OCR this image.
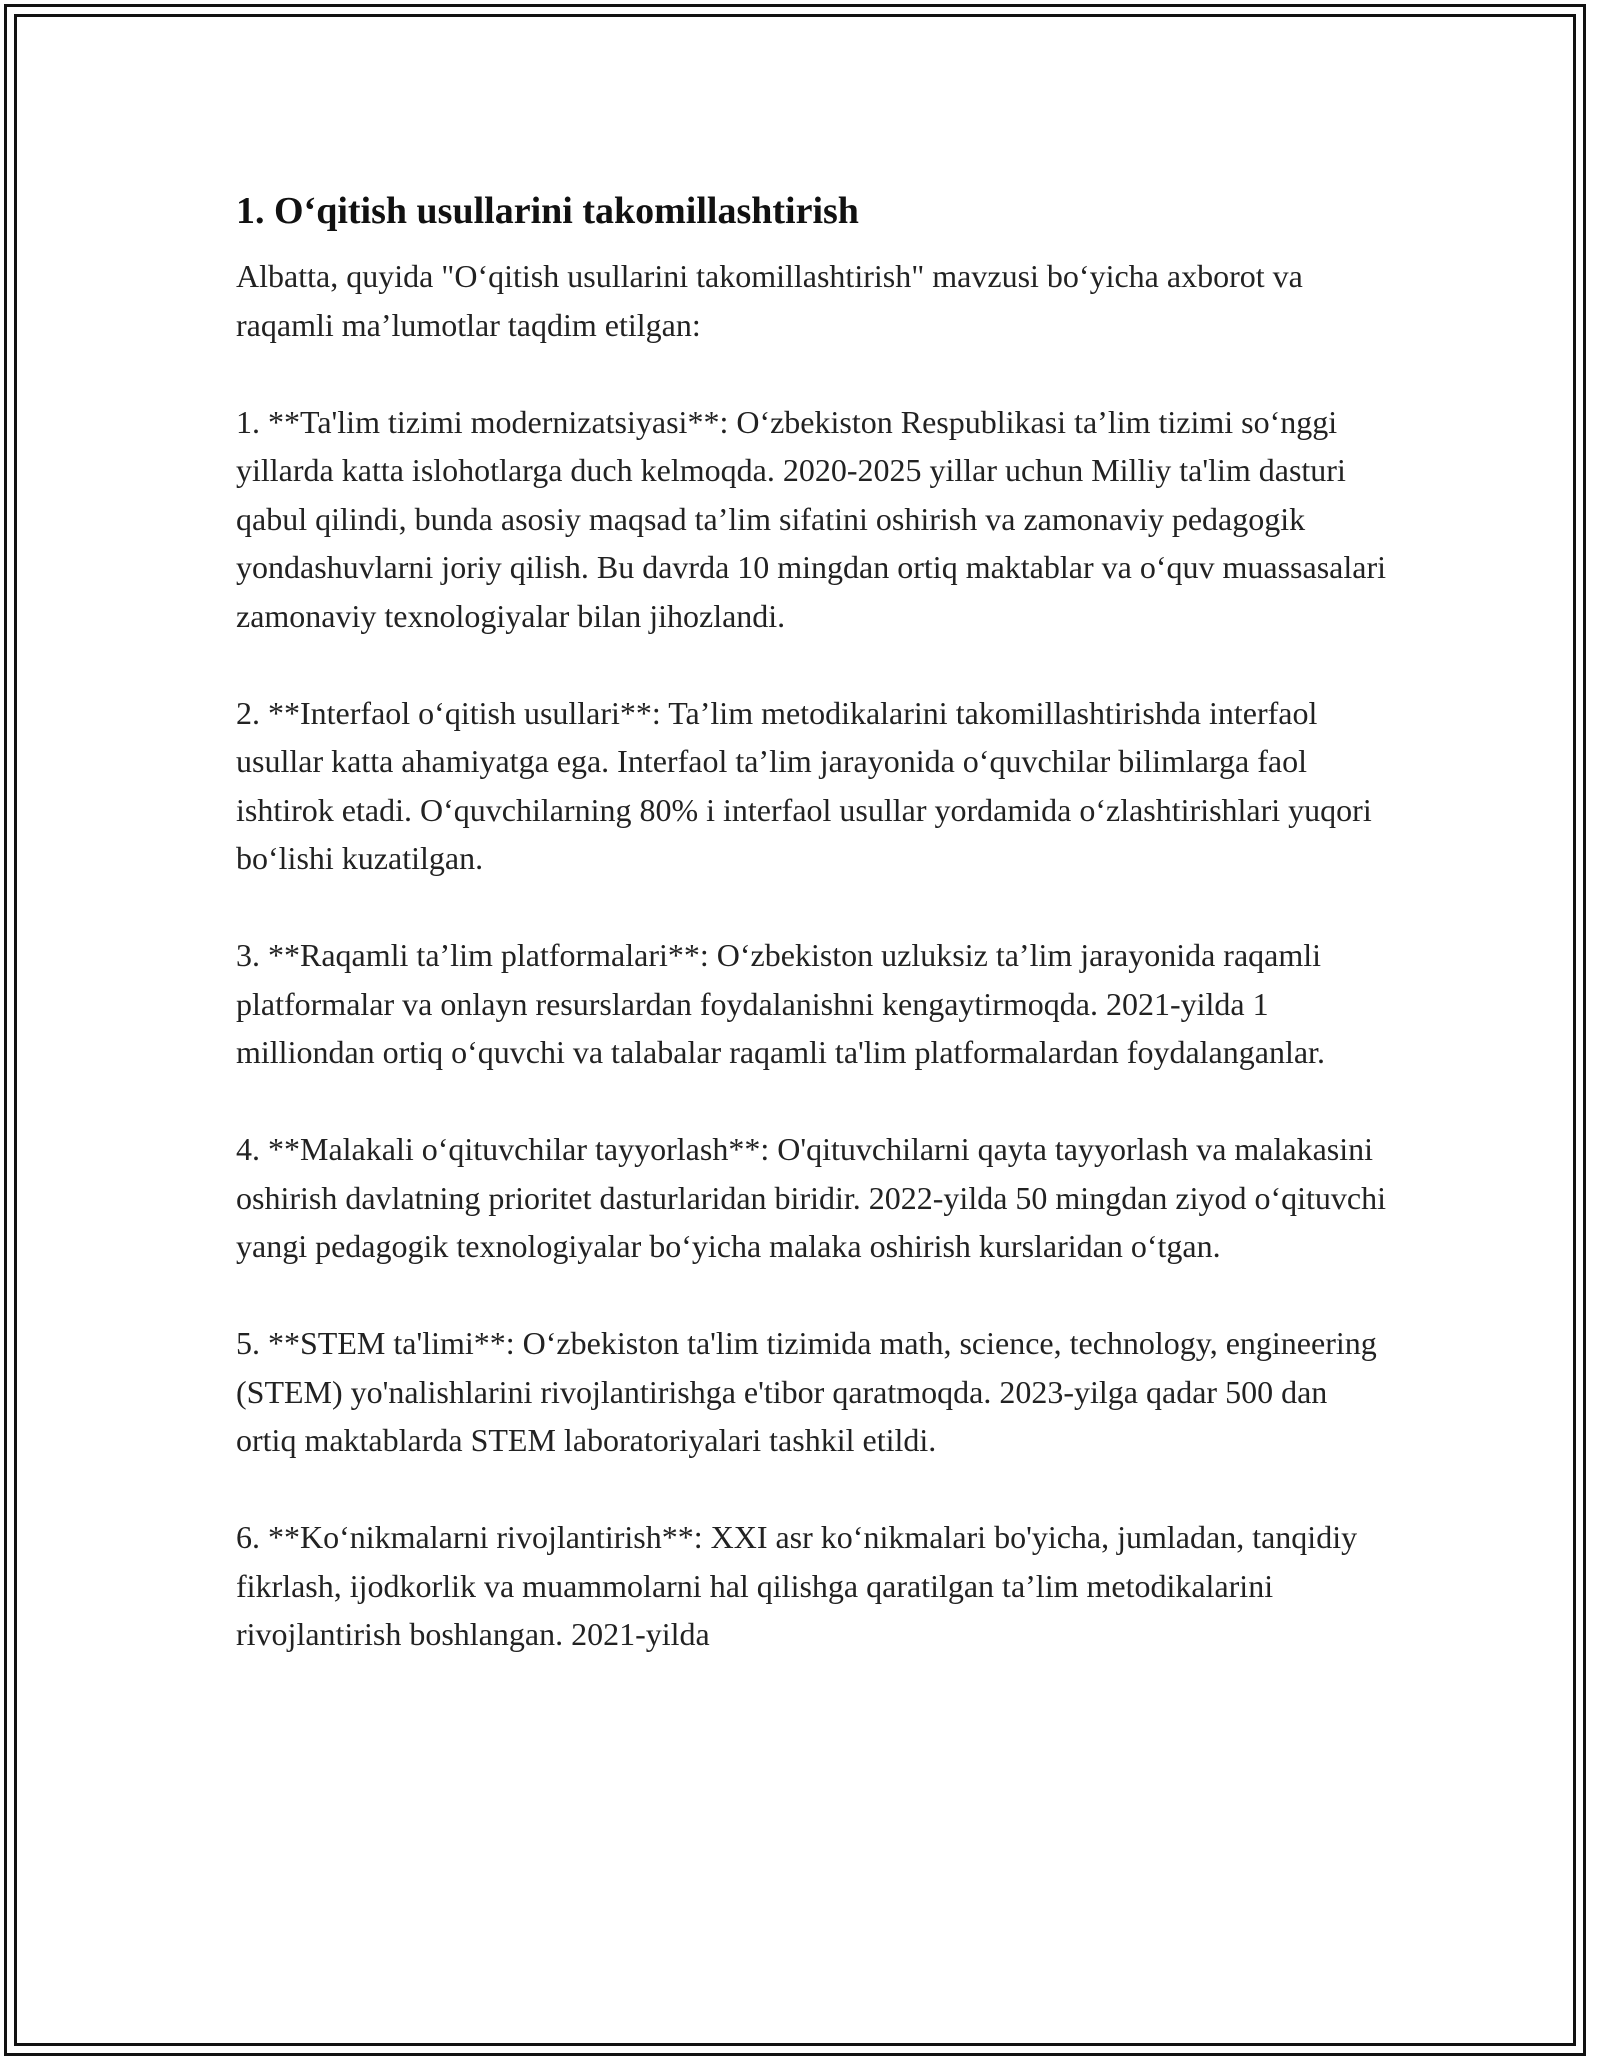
1. O‘qitish usullarini takomillashtirish

Albatta, quyida "O‘qitish usullarini takomillashtirish" mavzusi bo‘yicha axborot va raqamli ma’lumotlar taqdim etilgan:

1. **Ta'lim tizimi modernizatsiyasi**: O‘zbekiston Respublikasi ta’lim tizimi so‘nggi yillarda katta islohotlarga duch kelmoqda. 2020-2025 yillar uchun Milliy ta'lim dasturi qabul qilindi, bunda asosiy maqsad ta’lim sifatini oshirish va zamonaviy pedagogik yondashuvlarni joriy qilish. Bu davrda 10 mingdan ortiq maktablar va o‘quv muassasalari zamonaviy texnologiyalar bilan jihozlandi.

2. **Interfaol o‘qitish usullari**: Ta’lim metodikalarini takomillashtirishda interfaol usullar katta ahamiyatga ega. Interfaol ta’lim jarayonida o‘quvchilar bilimlarga faol ishtirok etadi. O‘quvchilarning 80% i interfaol usullar yordamida o‘zlashtirishlari yuqori bo‘lishi kuzatilgan.

3. **Raqamli ta’lim platformalari**: O‘zbekiston uzluksiz ta’lim jarayonida raqamli platformalar va onlayn resurslardan foydalanishni kengaytirmoqda. 2021-yilda 1 milliondan ortiq o‘quvchi va talabalar raqamli ta'lim platformalardan foydalanganlar.

4. **Malakali o‘qituvchilar tayyorlash**: O'qituvchilarni qayta tayyorlash va malakasini oshirish davlatning prioritet dasturlaridan biridir. 2022-yilda 50 mingdan ziyod o‘qituvchi yangi pedagogik texnologiyalar bo‘yicha malaka oshirish kurslaridan o‘tgan.

5. **STEM ta'limi**: O‘zbekiston ta'lim tizimida math, science, technology, engineering (STEM) yo'nalishlarini rivojlantirishga e'tibor qaratmoqda. 2023-yilga qadar 500 dan ortiq maktablarda STEM laboratoriyalari tashkil etildi.

6. **Ko‘nikmalarni rivojlantirish**: XXI asr ko‘nikmalari bo'yicha, jumladan, tanqidiy fikrlash, ijodkorlik va muammolarni hal qilishga qaratilgan ta’lim metodikalarini rivojlantirish boshlangan. 2021-yilda
